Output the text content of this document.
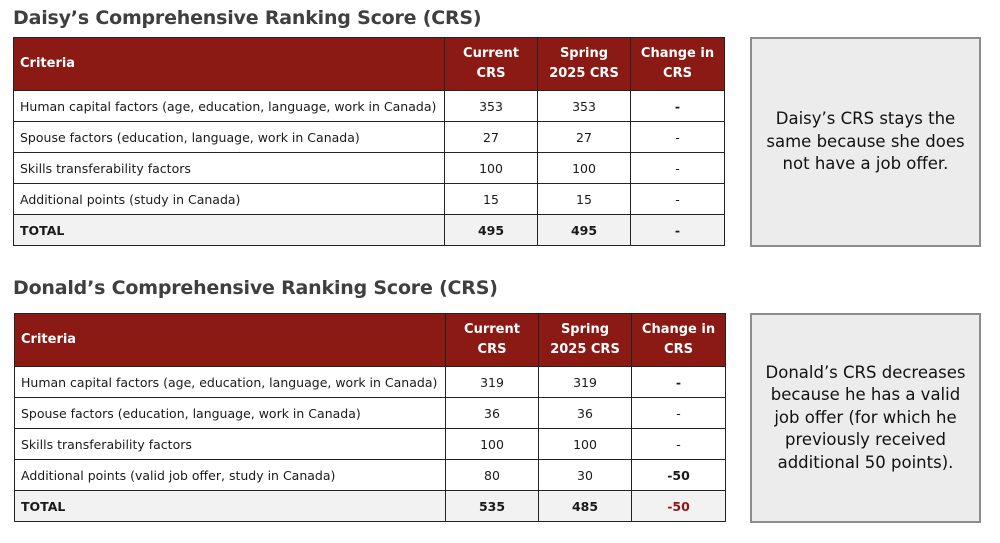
Daisy’s Comprehensive Ranking Score (CRS)
Criteria	Current CRS	Spring 2025 CRS	Change in CRS
Human capital factors (age, education, language, work in Canada)	353	353	-
Spouse factors (education, language, work in Canada)	27	27	-
Skills transferability factors	100	100	-
Additional points (study in Canada)	15	15	-
TOTAL	495	495	-
Daisy’s CRS stays the same because she does not have a job offer.
Donald’s Comprehensive Ranking Score (CRS)
Criteria	Current CRS	Spring 2025 CRS	Change in CRS
Human capital factors (age, education, language, work in Canada)	319	319	-
Spouse factors (education, language, work in Canada)	36	36	-
Skills transferability factors	100	100	-
Additional points (valid job offer, study in Canada)	80	30	-50
TOTAL	535	485	-50
Donald’s CRS decreases because he has a valid job offer (for which he previously received additional 50 points).
